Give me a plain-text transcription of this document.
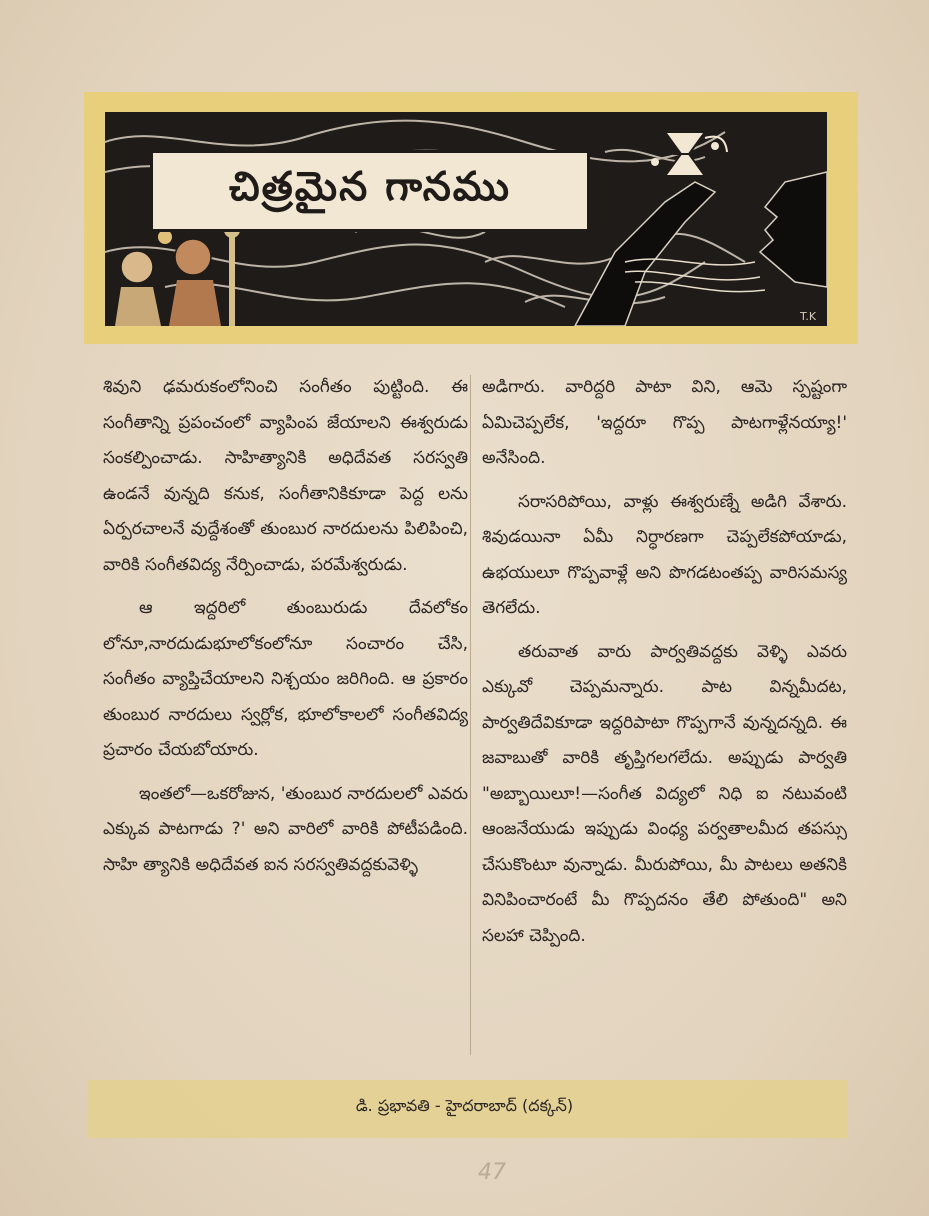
చిత్రమైన గానము
T.K

శివుని ఢమరుకంలోనించి సంగీతం పుట్టింది. ఈ సంగీతాన్ని ప్రపంచంలో వ్యాపింప జేయాలని ఈశ్వరుడు సంకల్పించాడు. సాహిత్యానికి అధిదేవత సరస్వతి ఉండనే వున్నది కనుక, సంగీతానికికూడా పెద్ద లను ఏర్పరచాలనే వుద్దేశంతో తుంబుర నారదులను పిలిపించి, వారికి సంగీతవిద్య నేర్పించాడు, పరమేశ్వరుడు.

ఆ ఇద్దరిలో తుంబురుడు దేవలోకం లోనూ,నారదుడుభూలోకంలోనూ సంచారం చేసి, సంగీతం వ్యాప్తిచేయాలని నిశ్చయం జరిగింది. ఆ ప్రకారం తుంబుర నారదులు స్వర్లోక, భూలోకాలలో సంగీతవిద్య ప్రచారం చేయబోయారు.

ఇంతలో—ఒకరోజున, 'తుంబుర నారదులలో ఎవరు ఎక్కువ పాటగాడు ?' అని వారిలో వారికి పోటీపడింది. సాహి త్యానికి అధిదేవత ఐన సరస్వతివద్దకువెళ్ళి

అడిగారు. వారిద్దరి పాటా విని, ఆమె స్పష్టంగా ఏమిచెప్పలేక, 'ఇద్దరూ గొప్ప పాటగాళ్లేనయ్యా!' అనేసింది.

సరాసరిపోయి, వాళ్లు ఈశ్వరుణ్నే అడిగి వేశారు. శివుడయినా ఏమీ నిర్ధారణగా చెప్పలేకపోయాడు, ఉభయులూ గొప్పవాళ్లే అని పొగడటంతప్ప వారిసమస్య తెగలేదు.

తరువాత వారు పార్వతివద్దకు వెళ్ళి ఎవరు ఎక్కువో చెప్పమన్నారు. పాట విన్నమీదట, పార్వతిదేవికూడా ఇద్దరిపాటా గొప్పగానే వున్నదన్నది. ఈ జవాబుతో వారికి తృప్తిగలగలేదు. అప్పుడు పార్వతి "అబ్బాయిలూ!—సంగీత విద్యలో నిధి ఐ నటువంటి ఆంజనేయుడు ఇప్పుడు వింధ్య పర్వతాలమీద తపస్సు చేసుకొంటూ వున్నాడు. మీరుపోయి, మీ పాటలు అతనికి వినిపించారంటే మీ గొప్పదనం తేలి పోతుంది" అని సలహా చెప్పింది.

డి. ప్రభావతి - హైదరాబాద్ (దక్కన్)
47
